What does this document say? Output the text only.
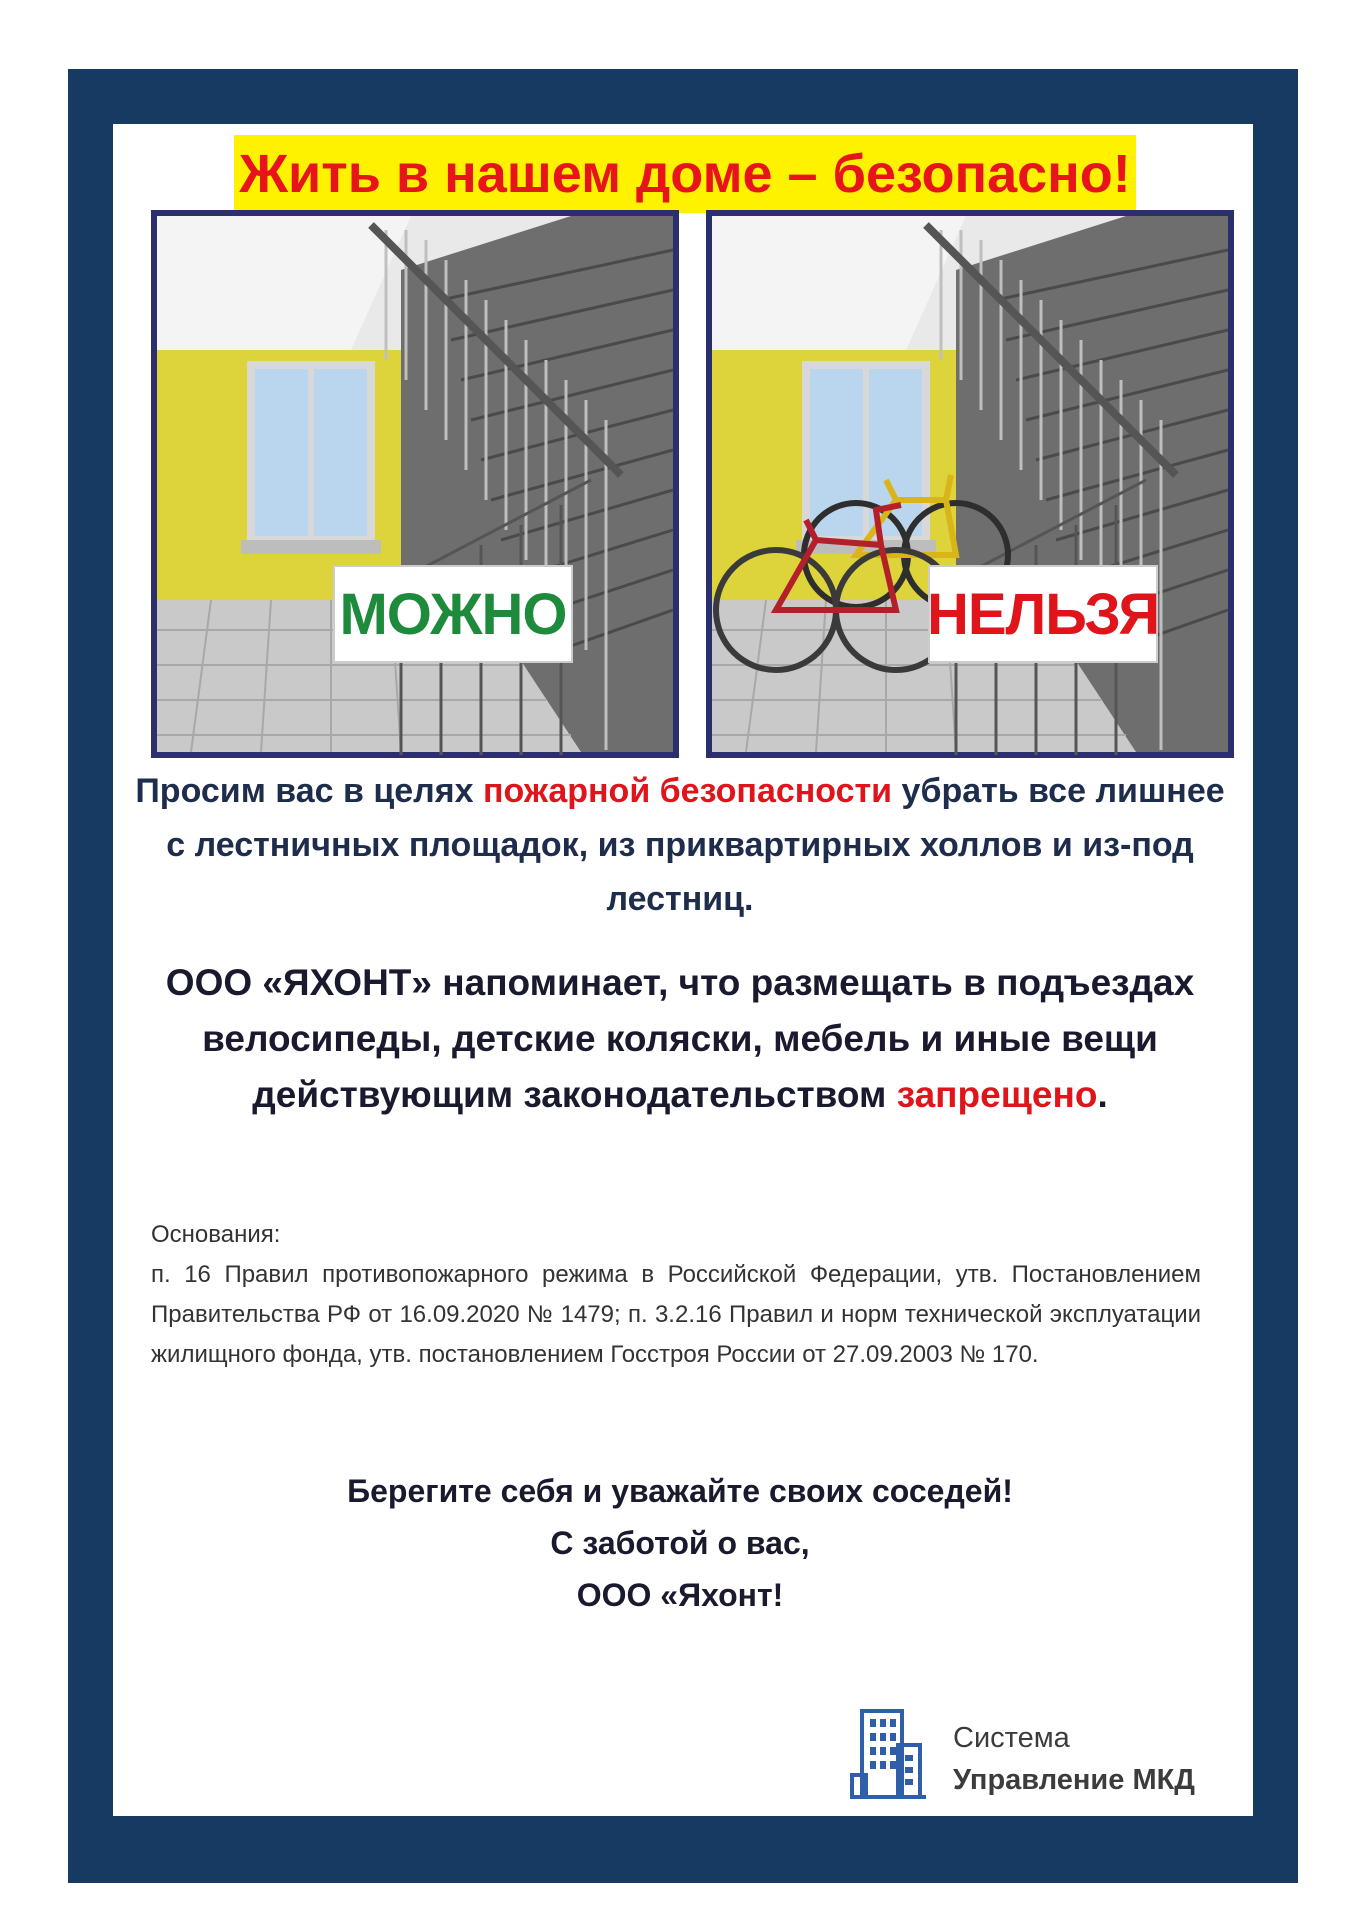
Жить в нашем доме – безопасно!
МОЖНО	НЕЛЬЗЯ
Просим вас в целях пожарной безопасности убрать все лишнее с лестничных площадок, из приквартирных холлов и из-под лестниц.
ООО «ЯХОНТ» напоминает, что размещать в подъездах велосипеды, детские коляски, мебель и иные вещи действующим законодательством запрещено.
Основания:
п. 16 Правил противопожарного режима в Российской Федерации, утв. Постановлением Правительства РФ от 16.09.2020 № 1479; п. 3.2.16 Правил и норм технической эксплуатации жилищного фонда, утв. постановлением Госстроя России от 27.09.2003 № 170.
Берегите себя и уважайте своих соседей!
С заботой о вас,
ООО «Яхонт!
Система
Управление МКД
